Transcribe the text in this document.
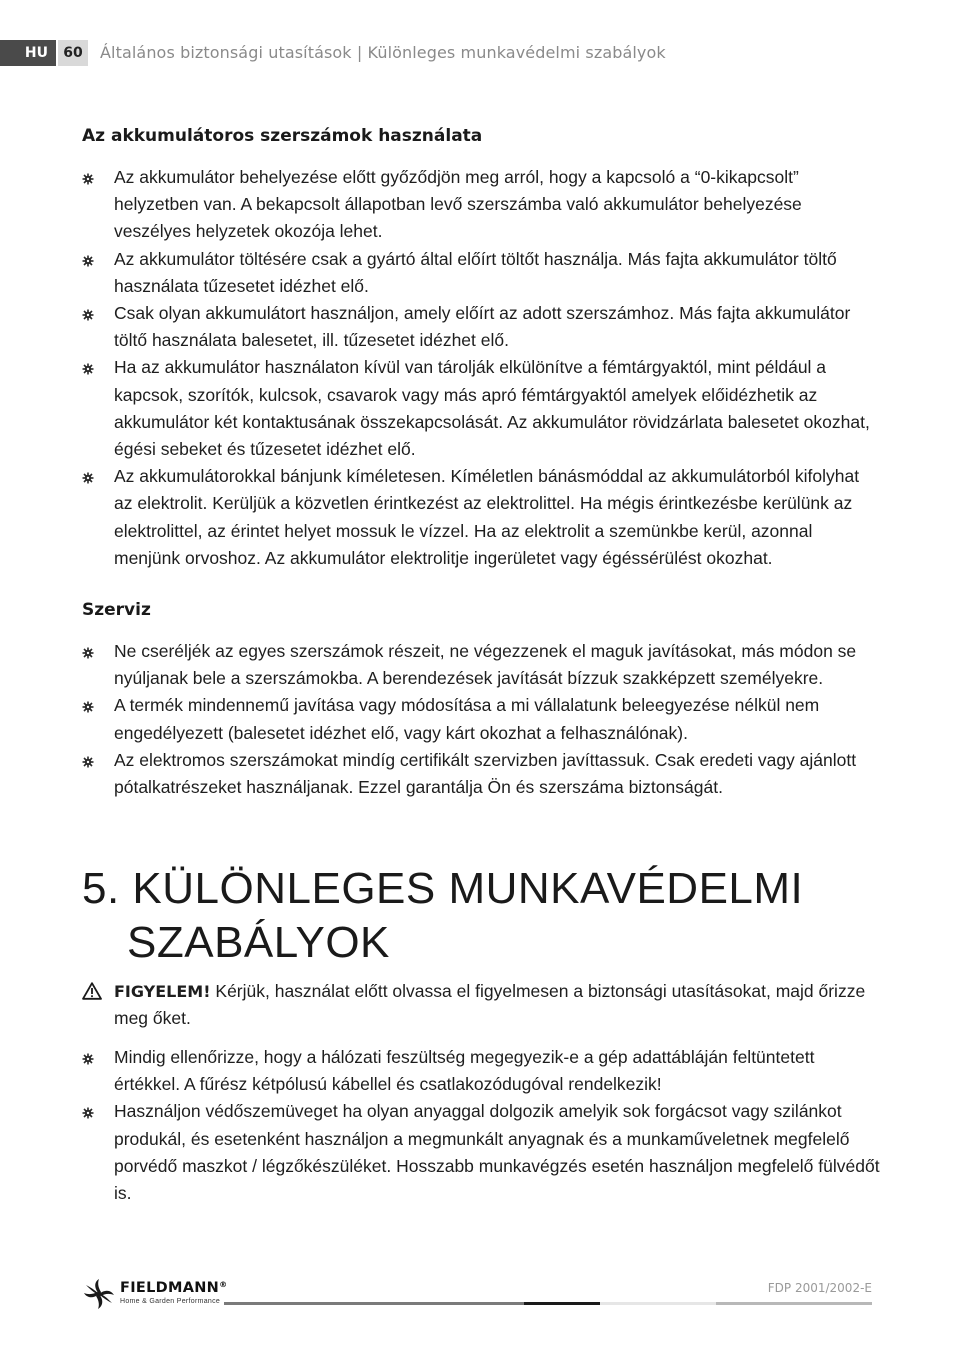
HU	60	Általános biztonsági utasítások | Különleges munkavédelmi szabályok
Az akkumulátoros szerszámok használata
Az akkumulátor behelyezése előtt győződjön meg arról, hogy a kapcsoló a “0-kikapcsolt” helyzetben van. A bekapcsolt állapotban levő szerszámba való akkumulátor behelyezése veszélyes helyzetek okozója lehet.
Az akkumulátor töltésére csak a gyártó által előírt töltőt használja. Más fajta akkumulátor töltő használata tűzesetet idézhet elő.
Csak olyan akkumulátort használjon, amely előírt az adott szerszámhoz. Más fajta akkumulátor töltő használata balesetet, ill. tűzesetet idézhet elő.
Ha az akkumulátor használaton kívül van tárolják elkülönítve a fémtárgyaktól, mint például a kapcsok, szorítók, kulcsok, csavarok vagy más apró fémtárgyaktól amelyek előidézhetik az akkumulátor két kontaktusának összekapcsolását. Az akkumulátor rövidzárlata balesetet okozhat, égési sebeket és tűzesetet idézhet elő.
Az akkumulátorokkal bánjunk kíméletesen. Kíméletlen bánásmóddal az akkumulátorból kifolyhat az elektrolit. Kerüljük a közvetlen érintkezést az elektrolittel. Ha mégis érintkezésbe kerülünk az elektrolittel, az érintet helyet mossuk le vízzel. Ha az elektrolit a szemünkbe kerül, azonnal menjünk orvoshoz. Az akkumulátor elektrolitje ingerületet vagy égéssérülést okozhat.
Szerviz
Ne cseréljék az egyes szerszámok részeit, ne végezzenek el maguk javításokat, más módon se nyúljanak bele a szerszámokba. A berendezések javítását bízzuk szakképzett személyekre.
A termék mindennemű javítása vagy módosítása a mi vállalatunk beleegyezése nélkül nem engedélyezett (balesetet idézhet elő, vagy kárt okozhat a felhasználónak).
Az elektromos szerszámokat mindíg certifikált szervizben javíttassuk. Csak eredeti vagy ajánlott pótalkatrészeket használjanak. Ezzel garantálja Ön és szerszáma biztonságát.
5. KÜLÖNLEGES MUNKAVÉDELMI
SZABÁLYOK
FIGYELEM! Kérjük, használat előtt olvassa el figyelmesen a biztonsági utasításokat, majd őrizze meg őket.
Mindig ellenőrizze, hogy a hálózati feszültség megegyezik-e a gép adattábláján feltüntetett értékkel. A fűrész kétpólusú kábellel és csatlakozódugóval rendelkezik!
Használjon védőszemüveget ha olyan anyaggal dolgozik amelyik sok forgácsot vagy szilánkot produkál, és esetenként használjon a megmunkált anyagnak és a munkaműveletnek megfelelő porvédő maszkot / légzőkészüléket. Hosszabb munkavégzés esetén használjon megfelelő fülvédőt is.
FIELDMANN®
Home & Garden Performance
FDP 2001/2002-E
